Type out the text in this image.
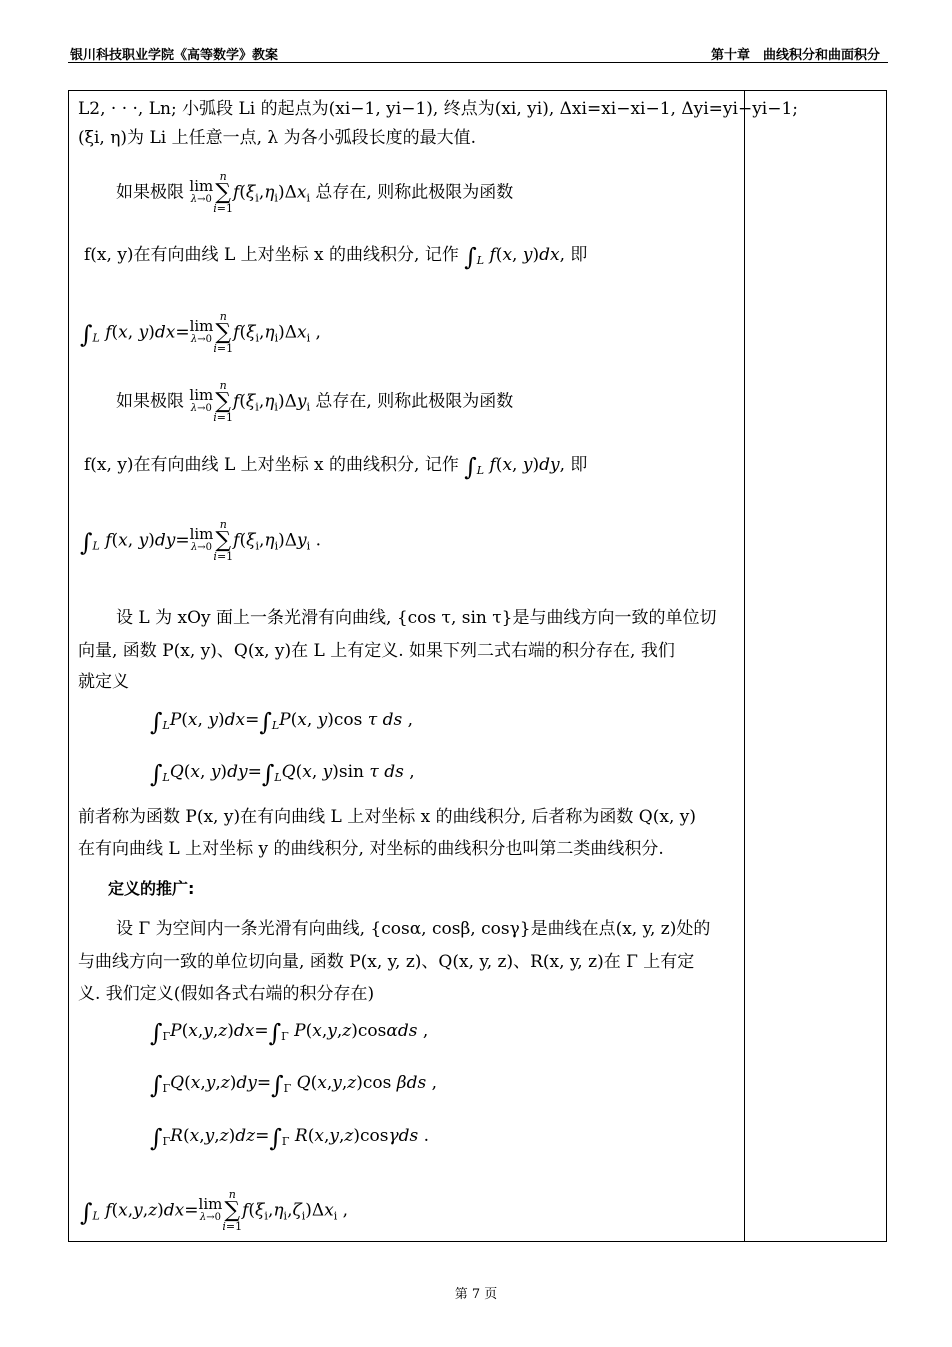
银川科技职业学院《高等数学》教案	第十章　曲线积分和曲面积分
L2, · · ·, Ln; 小弧段 Li 的起点为(xi−1, yi−1), 终点为(xi, yi), Δxi=xi−xi−1, Δyi=yi−yi−1;
(ξi, η)为 Li 上任意一点, λ 为各小弧段长度的最大值.
如果极限 lim
λ→0
n
∑
$i=1f(\xi_i,\eta_i)\Delta x_i$ 总存在, 则称此极限为函数
f(x, y)在有向曲线 L 上对坐标 x 的曲线积分, 记作 $\int_L$ f(x, y)dx, 即
$\int_L$ f(x, y)dx=lim
λ→0
n
∑
$i=1f(\xi_i,\eta_i)\Delta x_i$ ,
如果极限 lim
λ→0
n
∑
$i=1f(\xi_i,\eta_i)\Delta y_i$ 总存在, 则称此极限为函数
f(x, y)在有向曲线 L 上对坐标 x 的曲线积分, 记作 $\int_L$ f(x, y)dy, 即
$\int_L$ f(x, y)dy=lim
λ→0
n
∑
$i=1f(\xi_i,\eta_i)\Delta y_i$ .
设 L 为 xOy 面上一条光滑有向曲线, {cos τ, sin τ}是与曲线方向一致的单位切
向量, 函数 P(x, y)、Q(x, y)在 L 上有定义. 如果下列二式右端的积分存在, 我们
就定义
$\int_LP(x$, $y)dx=\int_LP(x$, y)cos τ ds ,
$\int_LQ(x$, $y)dy=\int_LQ(x$, y)sin τ ds ,
前者称为函数 P(x, y)在有向曲线 L 上对坐标 x 的曲线积分, 后者称为函数 Q(x, y)
在有向曲线 L 上对坐标 y 的曲线积分, 对坐标的曲线积分也叫第二类曲线积分.
定义的推广:
设 Γ 为空间内一条光滑有向曲线, {cosα, cosβ, cosγ}是曲线在点(x, y, z)处的
与曲线方向一致的单位切向量, 函数 P(x, y, z)、Q(x, y, z)、R(x, y, z)在 Γ 上有定
义. 我们定义(假如各式右端的积分存在)
$\int_\Gamma P(x,y,z)dx=\int_\Gamma$ P(x,y,z)cosαds ,
$\int_\Gamma Q(x,y,z)dy=\int_\Gamma$ Q(x,y,z)cos βds ,
$\int_\Gamma R(x,y,z)dz=\int_\Gamma$ R(x,y,z)cosγds .
$\int_L$ f(x,y,z)dx=lim
λ→0
n
∑
$i=1f(\xi_i,\eta_i,\zeta_i)\Delta x_i$ ,
第 7 页
